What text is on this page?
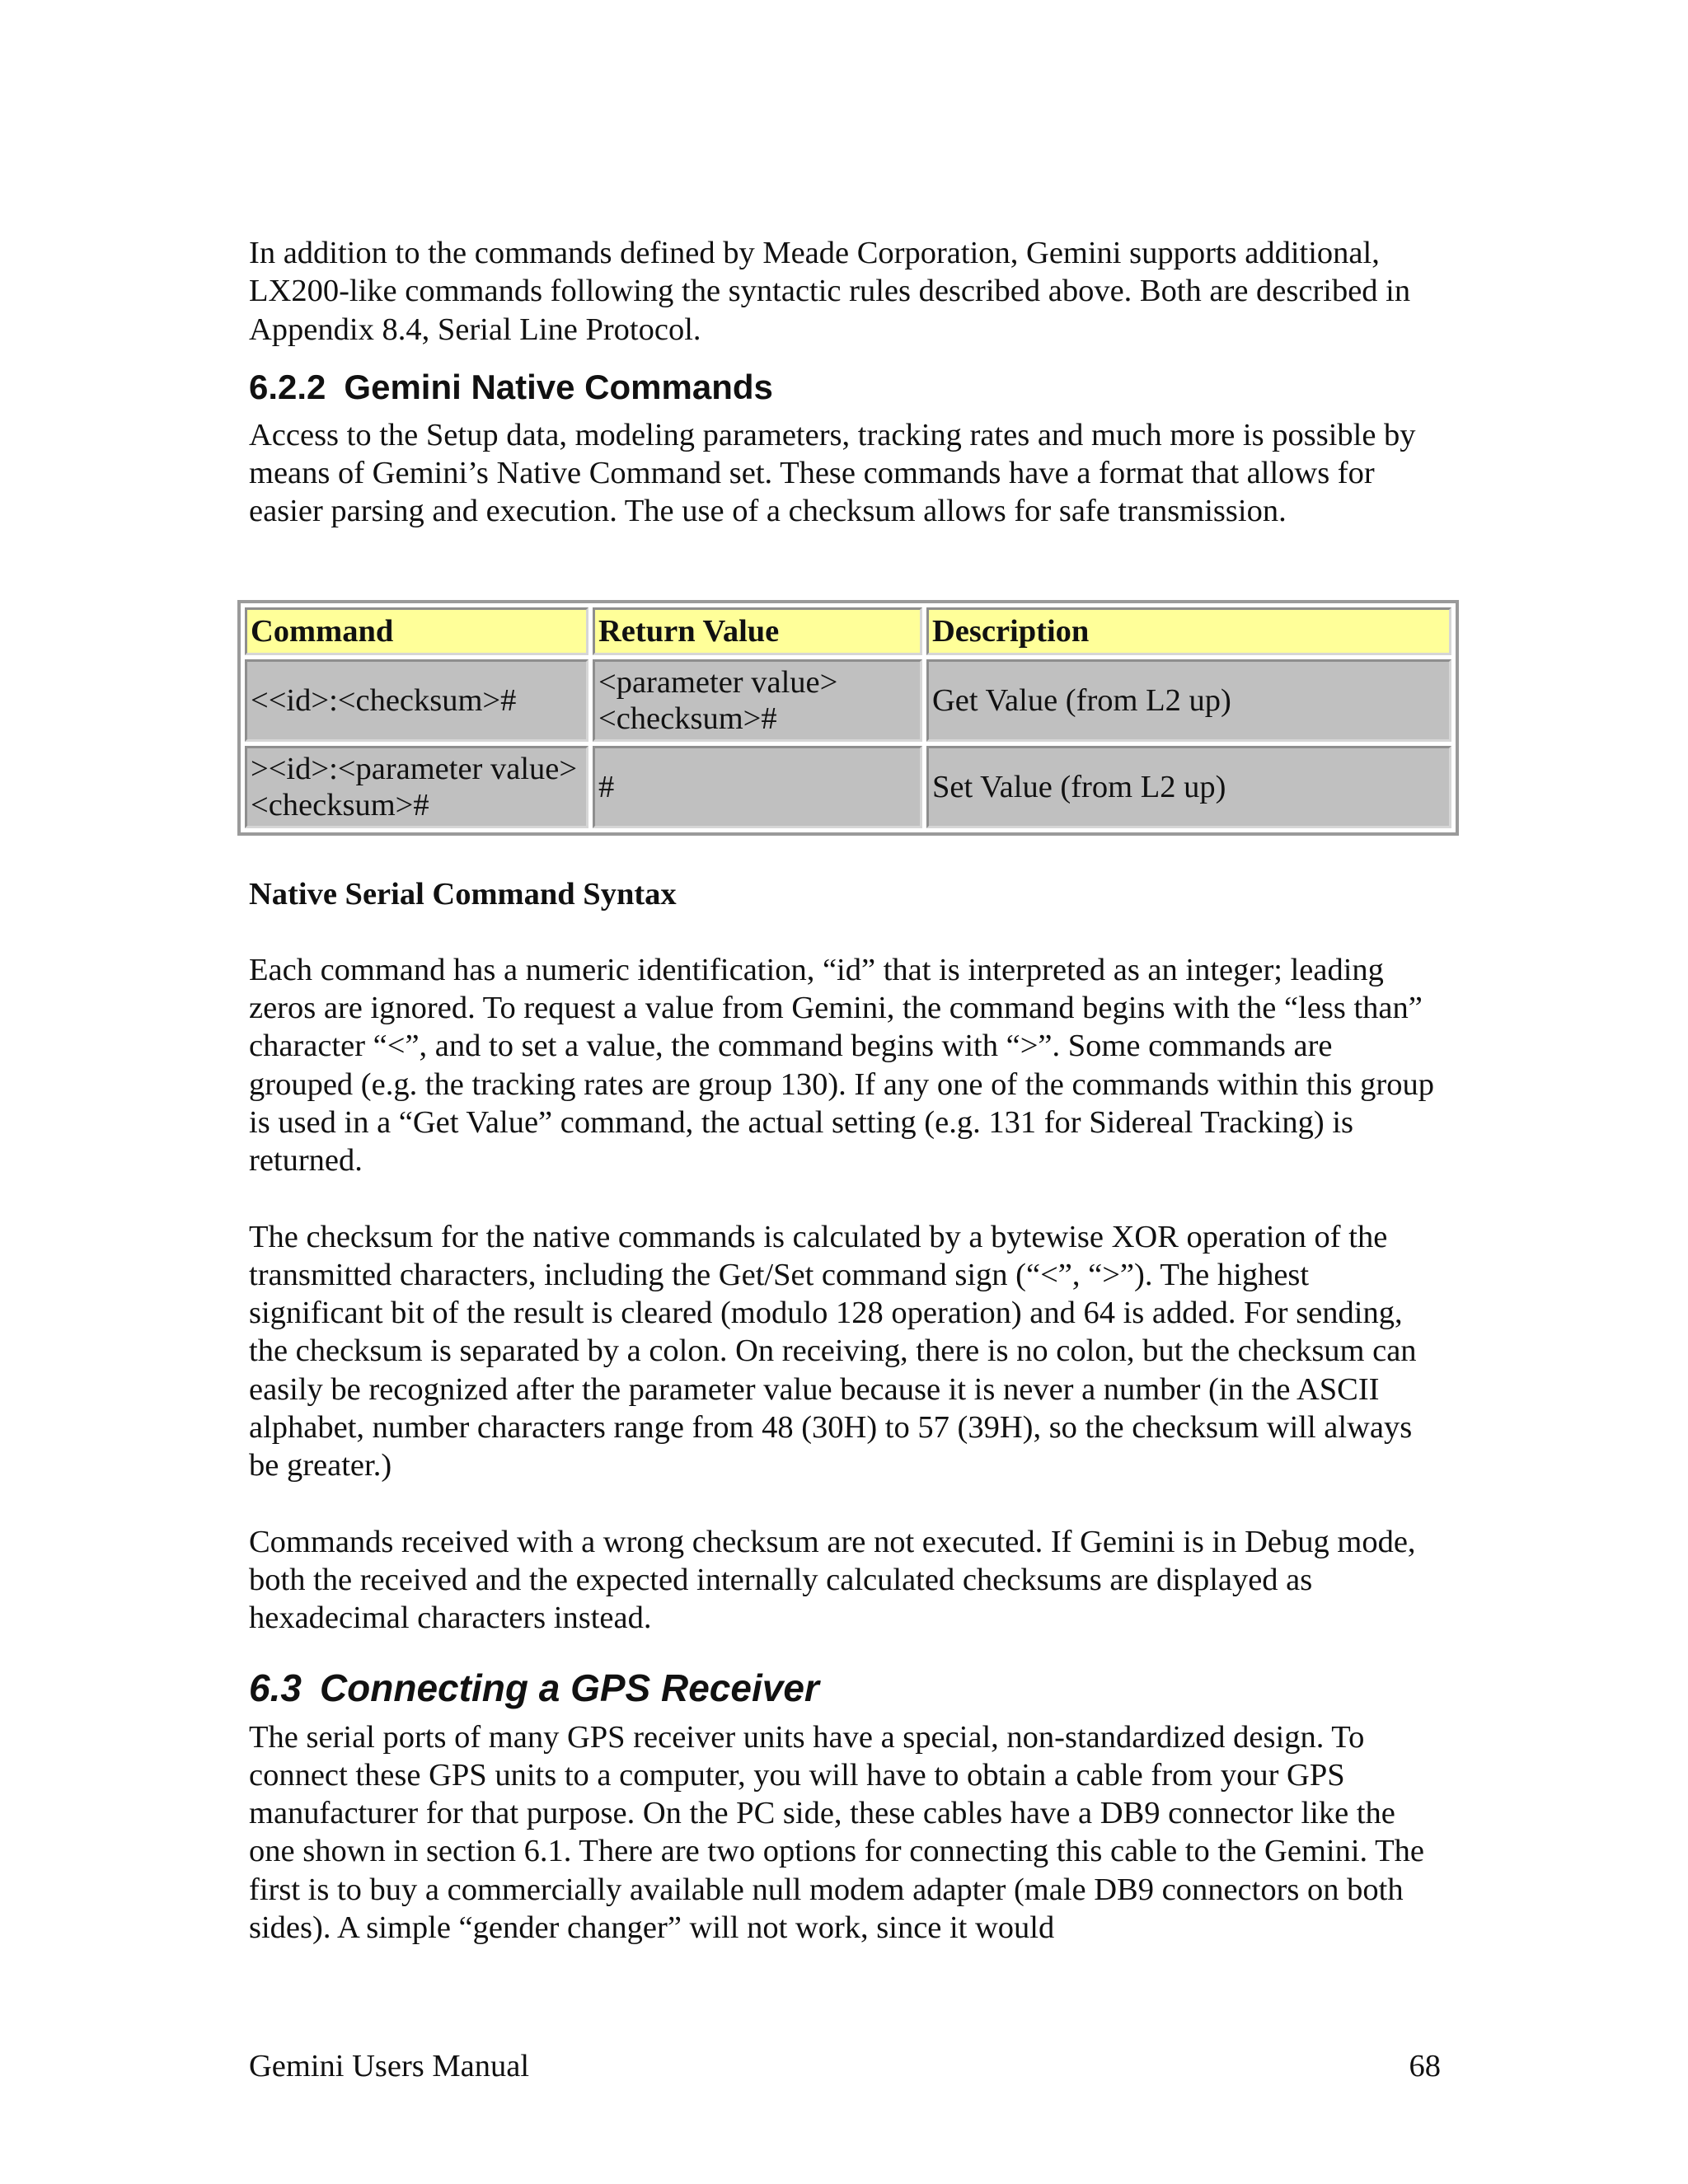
In addition to the commands defined by Meade Corporation, Gemini supports additional, LX200-like commands following the syntactic rules described above. Both are described in Appendix 8.4, Serial Line Protocol.

6.2.2 Gemini Native Commands

Access to the Setup data, modeling parameters, tracking rates and much more is possible by means of Gemini’s Native Command set. These commands have a format that allows for easier parsing and execution. The use of a checksum allows for safe transmission.

Command	Return Value	Description
<<id>:<checksum>#	<parameter value><checksum>#	Get Value (from L2 up)
><id>:<parameter value><checksum>#	#	Set Value (from L2 up)
Native Serial Command Syntax

Each command has a numeric identification, “id” that is interpreted as an integer; leading zeros are ignored. To request a value from Gemini, the command begins with the “less than” character “<”, and to set a value, the command begins with “>”. Some commands are grouped (e.g. the tracking rates are group 130). If any one of the commands within this group is used in a “Get Value” command, the actual setting (e.g. 131 for Sidereal Tracking) is returned.

The checksum for the native commands is calculated by a bytewise XOR operation of the transmitted characters, including the Get/Set command sign (“<”, “>”). The highest significant bit of the result is cleared (modulo 128 operation) and 64 is added. For sending, the checksum is separated by a colon. On receiving, there is no colon, but the checksum can easily be recognized after the parameter value because it is never a number (in the ASCII alphabet, number characters range from 48 (30H) to 57 (39H), so the checksum will always be greater.)

Commands received with a wrong checksum are not executed. If Gemini is in Debug mode, both the received and the expected internally calculated checksums are displayed as hexadecimal characters instead.

6.3 Connecting a GPS Receiver

The serial ports of many GPS receiver units have a special, non-standardized design. To connect these GPS units to a computer, you will have to obtain a cable from your GPS manufacturer for that purpose. On the PC side, these cables have a DB9 connector like the one shown in section 6.1. There are two options for connecting this cable to the Gemini. The first is to buy a commercially available null modem adapter (male DB9 connectors on both sides). A simple “gender changer” will not work, since it would

Gemini Users Manual	68
